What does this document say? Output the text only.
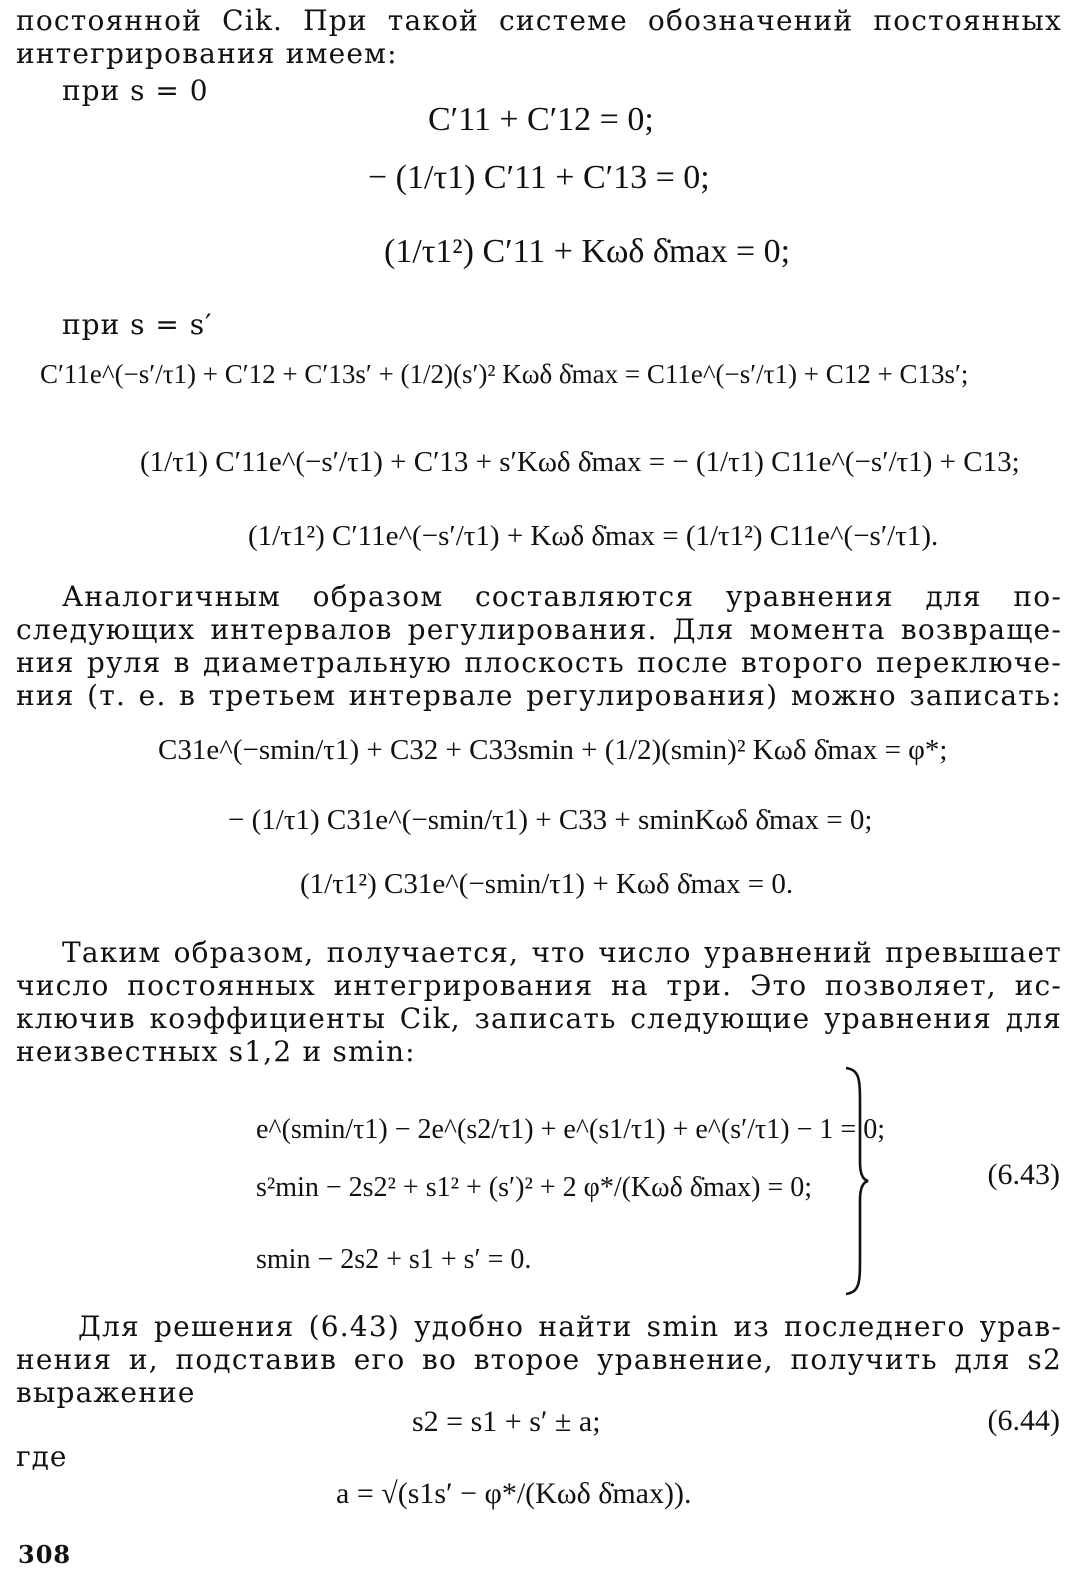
постоянной Cik. При такой системе обозначений постоянных
интегрирования имеем:
при s = 0
C′11 + C′12 = 0;
− (1/τ1) C′11 + C′13 = 0;
(1/τ1²) C′11 + Kωδ δ̇max = 0;
при s = s′
C′11e^(−s′/τ1) + C′12 + C′13s′ + (1/2)(s′)² Kωδ δ̇max = C11e^(−s′/τ1) + C12 + C13s′;
(1/τ1) C′11e^(−s′/τ1) + C′13 + s′Kωδ δ̇max = − (1/τ1) C11e^(−s′/τ1) + C13;
(1/τ1²) C′11e^(−s′/τ1) + Kωδ δ̇max = (1/τ1²) C11e^(−s′/τ1).
Аналогичным образом составляются уравнения для по-
следующих интервалов регулирования. Для момента возвраще-
ния руля в диаметральную плоскость после второго переключе-
ния (т. е. в третьем интервале регулирования) можно записать:
C31e^(−smin/τ1) + C32 + C33smin + (1/2)(smin)² Kωδ δ̇max = φ*;
− (1/τ1) C31e^(−smin/τ1) + C33 + sminKωδ δ̇max = 0;
(1/τ1²) C31e^(−smin/τ1) + Kωδ δ̇max = 0.
Таким образом, получается, что число уравнений превышает
число постоянных интегрирования на три. Это позволяет, ис-
ключив коэффициенты Cik, записать следующие уравнения для
неизвестных s1,2 и smin:
e^(smin/τ1) − 2e^(s2/τ1) + e^(s1/τ1) + e^(s′/τ1) − 1 = 0;
s²min − 2s2² + s1² + (s′)² + 2 φ*/(Kωδ δ̇max) = 0;
smin − 2s2 + s1 + s′ = 0.
(6.43)
Для решения (6.43) удобно найти smin из последнего урав-
нения и, подставив его во второе уравнение, получить для s2
выражение
s2 = s1 + s′ ± a;	(6.44)
где
a = √(s1s′ − φ*/(Kωδ δ̇max)).
308
